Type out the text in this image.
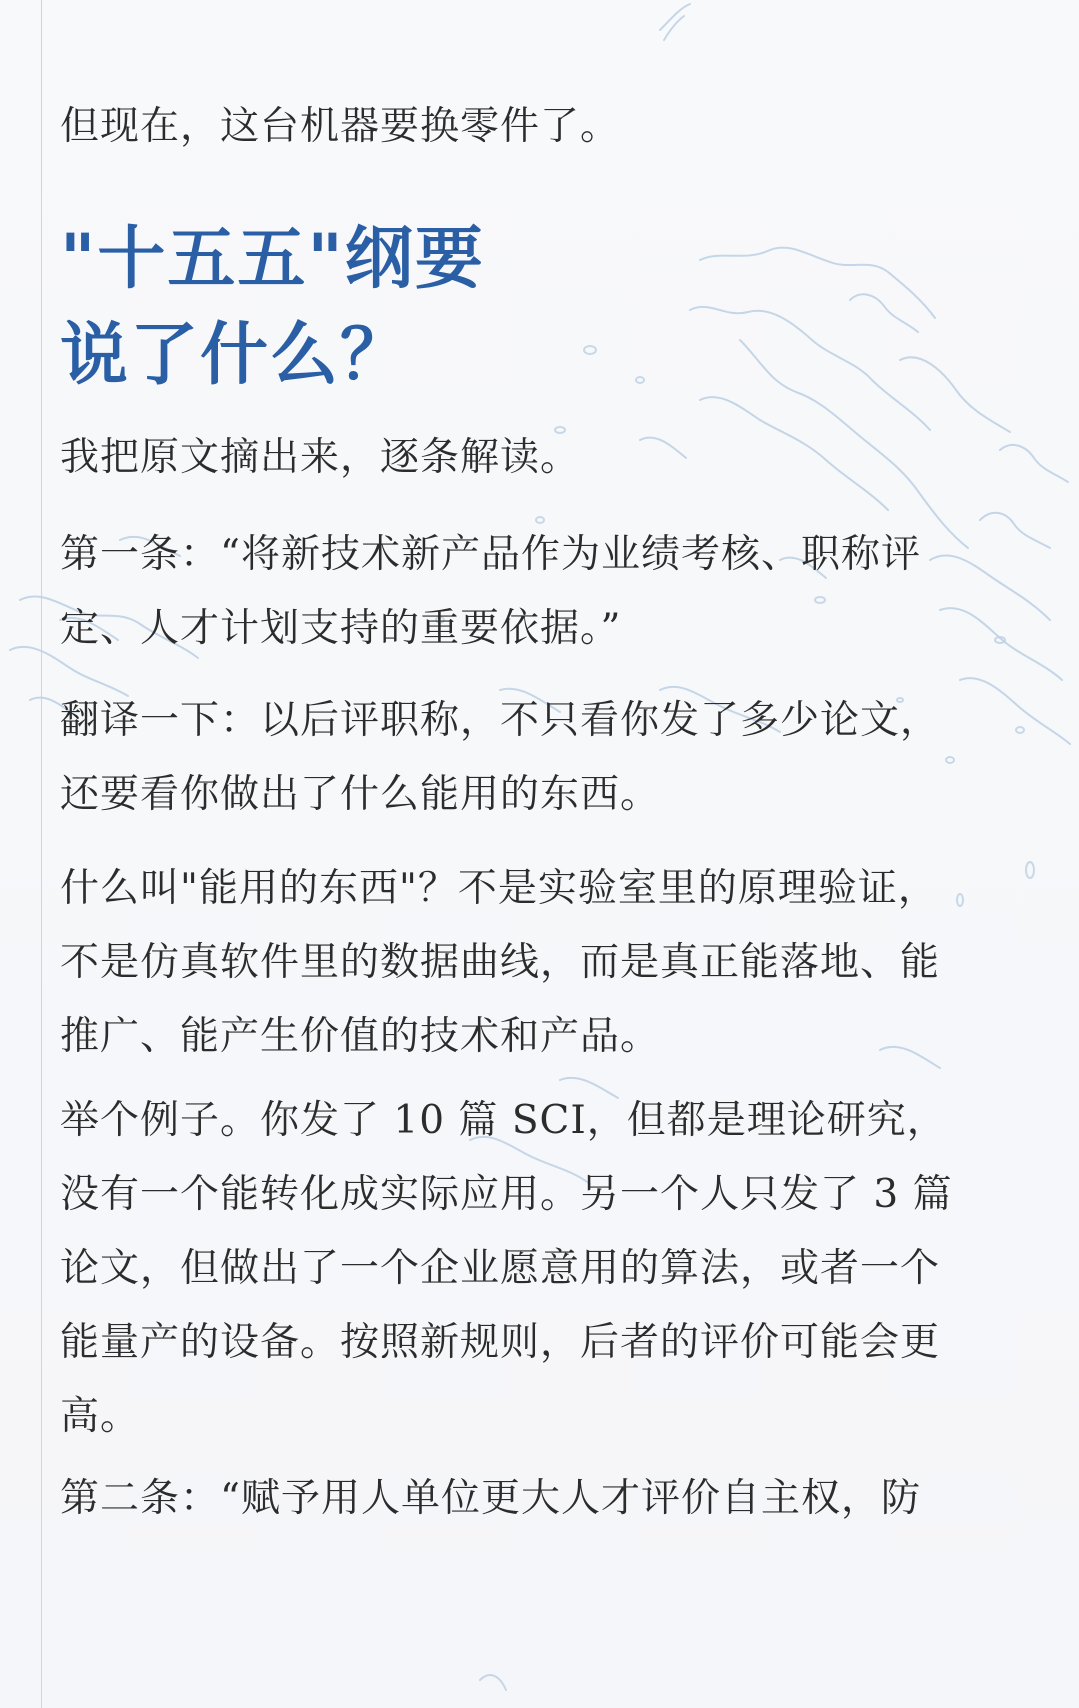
但现在，这台机器要换零件了。

"十五五"纲要
说了什么？

我把原文摘出来，逐条解读。

第一条：“将新技术新产品作为业绩考核、职称评
定、人才计划支持的重要依据。”

翻译一下：以后评职称，不只看你发了多少论文，
还要看你做出了什么能用的东西。

什么叫"能用的东西"？不是实验室里的原理验证，
不是仿真软件里的数据曲线，而是真正能落地、能
推广、能产生价值的技术和产品。

举个例子。你发了 10 篇 SCI，但都是理论研究，
没有一个能转化成实际应用。另一个人只发了 3 篇
论文，但做出了一个企业愿意用的算法，或者一个
能量产的设备。按照新规则，后者的评价可能会更
高。

第二条：“赋予用人单位更大人才评价自主权，防
